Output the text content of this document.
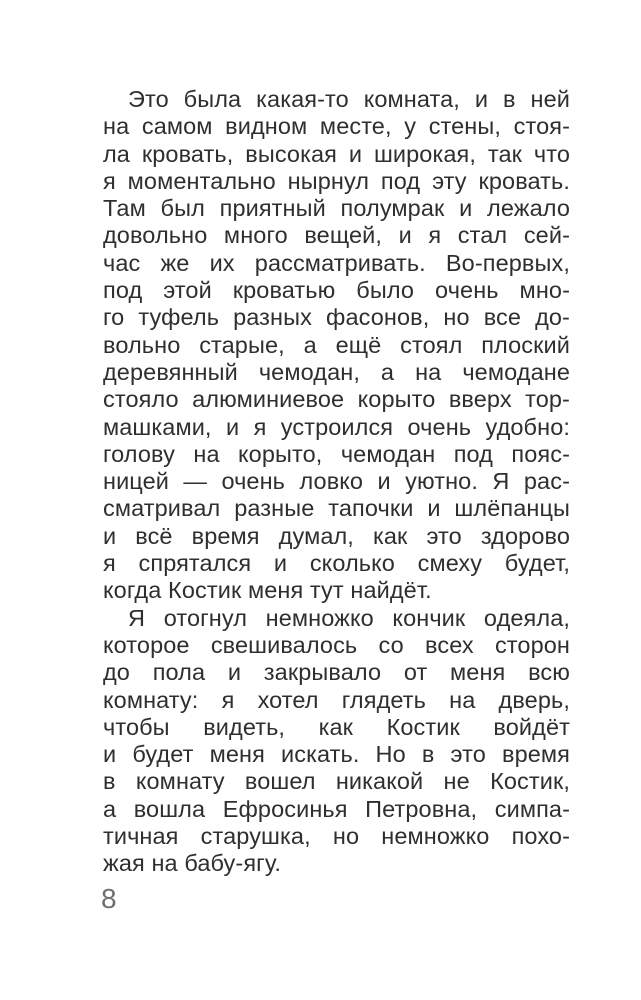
Это была какая-то комната, и в ней
на самом видном месте, у стены, стоя-
ла кровать, высокая и широкая, так что
я моментально нырнул под эту кровать.
Там был приятный полумрак и лежало
довольно много вещей, и я стал сей-
час же их рассматривать. Во-первых,
под этой кроватью было очень мно-
го туфель разных фасонов, но все до-
вольно старые, а ещё стоял плоский
деревянный чемодан, а на чемодане
стояло алюминиевое корыто вверх тор-
машками, и я устроился очень удобно:
голову на корыто, чемодан под пояс-
ницей — очень ловко и уютно. Я рас-
сматривал разные тапочки и шлёпанцы
и всё время думал, как это здорово
я спрятался и сколько смеху будет,
когда Костик меня тут найдёт.
Я отогнул немножко кончик одеяла,
которое свешивалось со всех сторон
до пола и закрывало от меня всю
комнату: я хотел глядеть на дверь,
чтобы видеть, как Костик войдёт
и будет меня искать. Но в это время
в комнату вошел никакой не Костик,
а вошла Ефросинья Петровна, симпа-
тичная старушка, но немножко похо-
жая на бабу-ягу.
8
